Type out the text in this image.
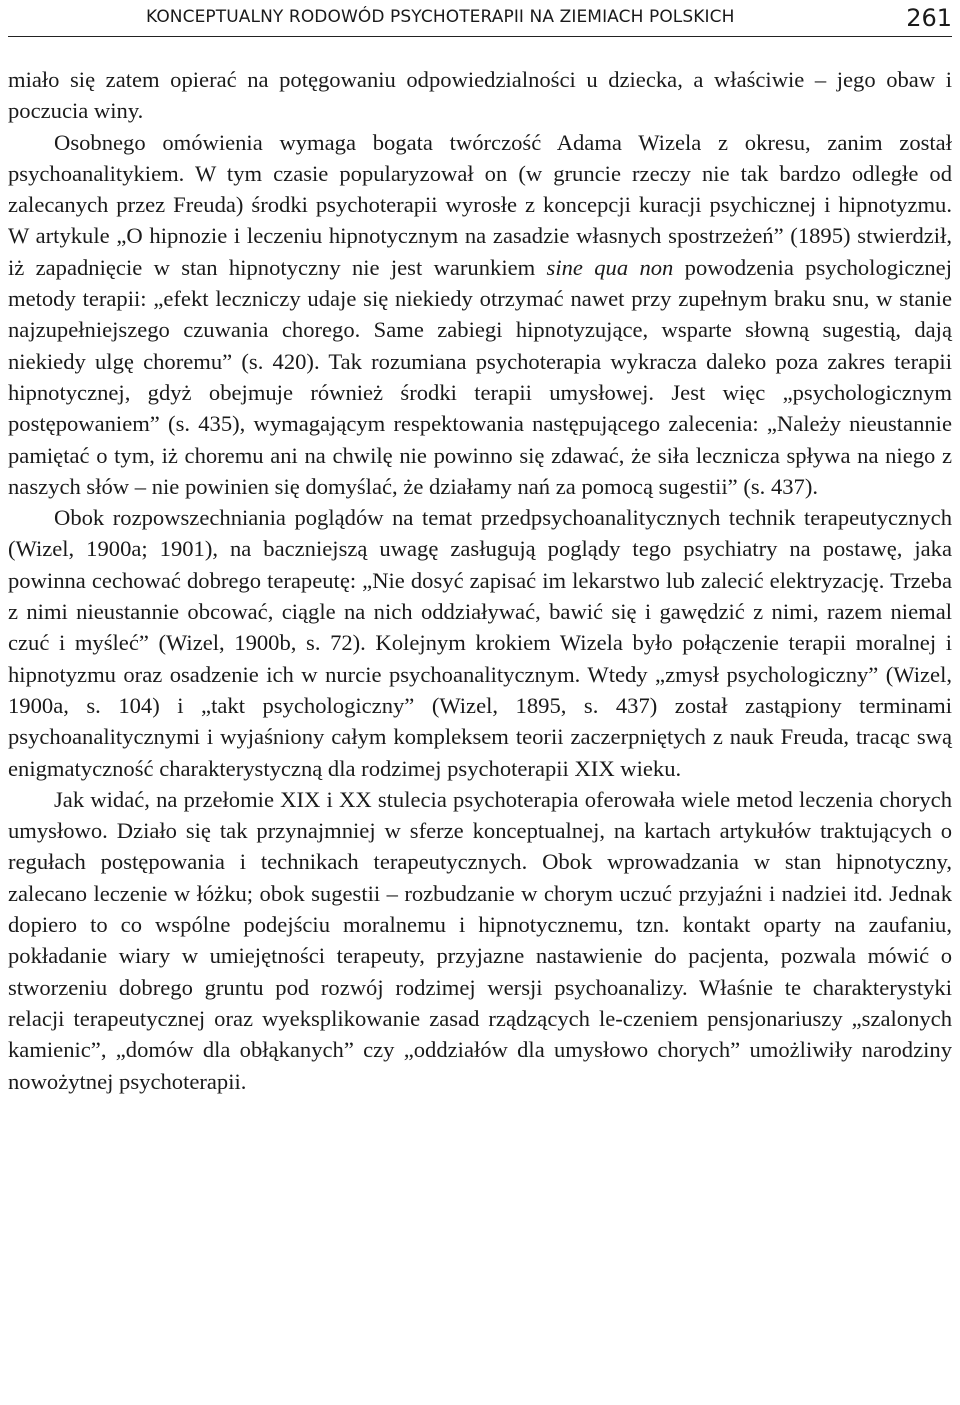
KONCEPTUALNY RODOWÓD PSYCHOTERAPII NA ZIEMIACH POLSKICH	261

miało się zatem opierać na potęgowaniu odpowiedzialności u dziecka, a właściwie – jego obaw i poczucia winy.

Osobnego omówienia wymaga bogata twórczość Adama Wizela z okresu, zanim został psychoanalitykiem. W tym czasie popularyzował on (w gruncie rzeczy nie tak bardzo odległe od zalecanych przez Freuda) środki psychoterapii wyrosłe z koncepcji kuracji psychicznej i hipnotyzmu. W artykule „O hipnozie i leczeniu hipnotycznym na zasadzie własnych spostrzeżeń” (1895) stwierdził, iż zapadnięcie w stan hipnotyczny nie jest warunkiem sine qua non powodzenia psychologicznej metody terapii: „efekt leczniczy udaje się niekiedy otrzymać nawet przy zupełnym braku snu, w stanie najzupełniejszego czuwania chorego. Same zabiegi hipnotyzujące, wsparte słowną sugestią, dają niekiedy ulgę choremu” (s. 420). Tak rozumiana psychoterapia wykracza daleko poza zakres terapii hipnotycznej, gdyż obejmuje również środki terapii umysłowej. Jest więc „psychologicznym postępowaniem” (s. 435), wymagającym respektowania następującego zalecenia: „Należy nieustannie pamiętać o tym, iż choremu ani na chwilę nie powinno się zdawać, że siła lecznicza spływa na niego z naszych słów – nie powinien się domyślać, że działamy nań za pomocą sugestii” (s. 437).

Obok rozpowszechniania poglądów na temat przedpsychoanalitycznych technik terapeutycznych (Wizel, 1900a; 1901), na baczniejszą uwagę zasługują poglądy tego psychiatry na postawę, jaka powinna cechować dobrego terapeutę: „Nie dosyć zapisać im lekarstwo lub zalecić elektryzację. Trzeba z nimi nieustannie obcować, ciągle na nich oddziaływać, bawić się i gawędzić z nimi, razem niemal czuć i myśleć” (Wizel, 1900b, s. 72). Kolejnym krokiem Wizela było połączenie terapii moralnej i hipnotyzmu oraz osadzenie ich w nurcie psychoanalitycznym. Wtedy „zmysł psychologiczny” (Wizel, 1900a, s. 104) i „takt psychologiczny” (Wizel, 1895, s. 437) został zastąpiony terminami psychoanalitycznymi i wyjaśniony całym kompleksem teorii zaczerpniętych z nauk Freuda, tracąc swą enigmatyczność charakterystyczną dla rodzimej psychoterapii XIX wieku.

Jak widać, na przełomie XIX i XX stulecia psychoterapia oferowała wiele metod leczenia chorych umysłowo. Działo się tak przynajmniej w sferze konceptualnej, na kartach artykułów traktujących o regułach postępowania i technikach terapeutycznych. Obok wprowadzania w stan hipnotyczny, zalecano leczenie w łóżku; obok sugestii – rozbudzanie w chorym uczuć przyjaźni i nadziei itd. Jednak dopiero to co wspólne podejściu moralnemu i hipnotycznemu, tzn. kontakt oparty na zaufaniu, pokładanie wiary w umiejętności terapeuty, przyjazne nastawienie do pacjenta, pozwala mówić o stworzeniu dobrego gruntu pod rozwój rodzimej wersji psychoanalizy. Właśnie te charakterystyki relacji terapeutycznej oraz wyeksplikowanie zasad rządzących le-czeniem pensjonariuszy „szalonych kamienic”, „domów dla obłąkanych” czy „oddziałów dla umysłowo chorych” umożliwiły narodziny nowożytnej psychoterapii.
